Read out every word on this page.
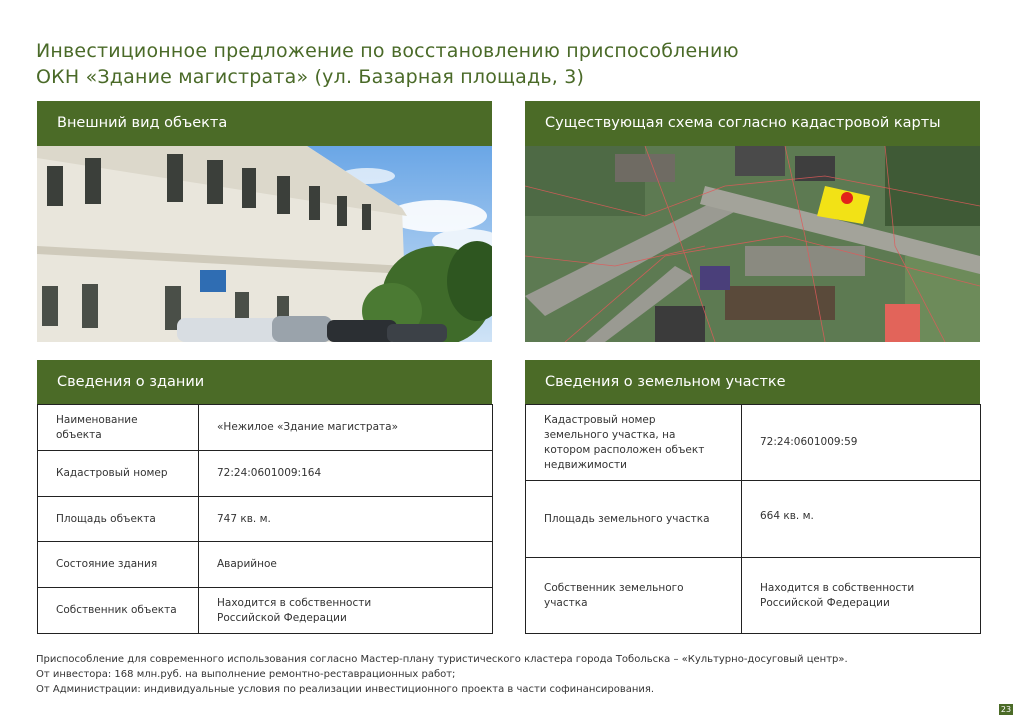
Инвестиционное предложение по восстановлению приспособлению
ОКН «Здание магистрата» (ул. Базарная площадь, 3)
Внешний вид объекта	Существующая схема согласно кадастровой карты
Сведения о здании
Наименование объекта	«Нежилое «Здание магистрата»
Кадастровый номер	72:24:0601009:164
Площадь объекта	747 кв. м.
Состояние здания	Аварийное
Собственник объекта	Находится в собственности Российской Федерации
Сведения о земельном участке
Кадастровый номер земельного участка, на котором расположен объект недвижимости	72:24:0601009:59
Площадь земельного участка	664 кв. м.
Собственник земельного участка	Находится в собственности Российской Федерации
Приспособление для современного использования согласно Мастер-плану туристического кластера города Тобольска – «Культурно-досуговый центр».
От инвестора: 168 млн.руб. на выполнение ремонтно-реставрационных работ;
От Администрации: индивидуальные условия по реализации инвестиционного проекта в части софинансирования.
23
